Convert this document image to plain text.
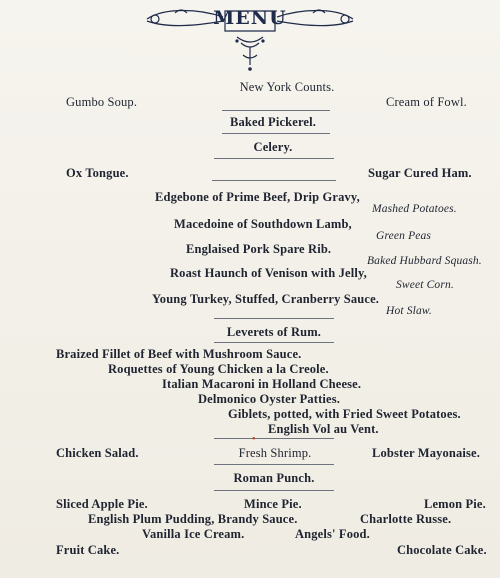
MENU
New York Counts.
Gumbo Soup.	Cream of Fowl.
Baked Pickerel.
Celery.
Ox Tongue.	Sugar Cured Ham.
Edgebone of Prime Beef, Drip Gravy,
Mashed Potatoes.
Macedoine of Southdown Lamb,
Green Peas
Englaised Pork Spare Rib.
Baked Hubbard Squash.
Roast Haunch of Venison with Jelly,
Sweet Corn.
Young Turkey, Stuffed, Cranberry Sauce.
Hot Slaw.
Leverets of Rum.
Braized Fillet of Beef with Mushroom Sauce.
Roquettes of Young Chicken a la Creole.
Italian Macaroni in Holland Cheese.
Delmonico Oyster Patties.
Giblets, potted, with Fried Sweet Potatoes.
English Vol au Vent.
•
Chicken Salad.	Fresh Shrimp.	Lobster Mayonaise.
Roman Punch.
Sliced Apple Pie.	Mince Pie.	Lemon Pie.
English Plum Pudding, Brandy Sauce.	Charlotte Russe.
Vanilla Ice Cream.	Angels' Food.
Fruit Cake.	Chocolate Cake.
